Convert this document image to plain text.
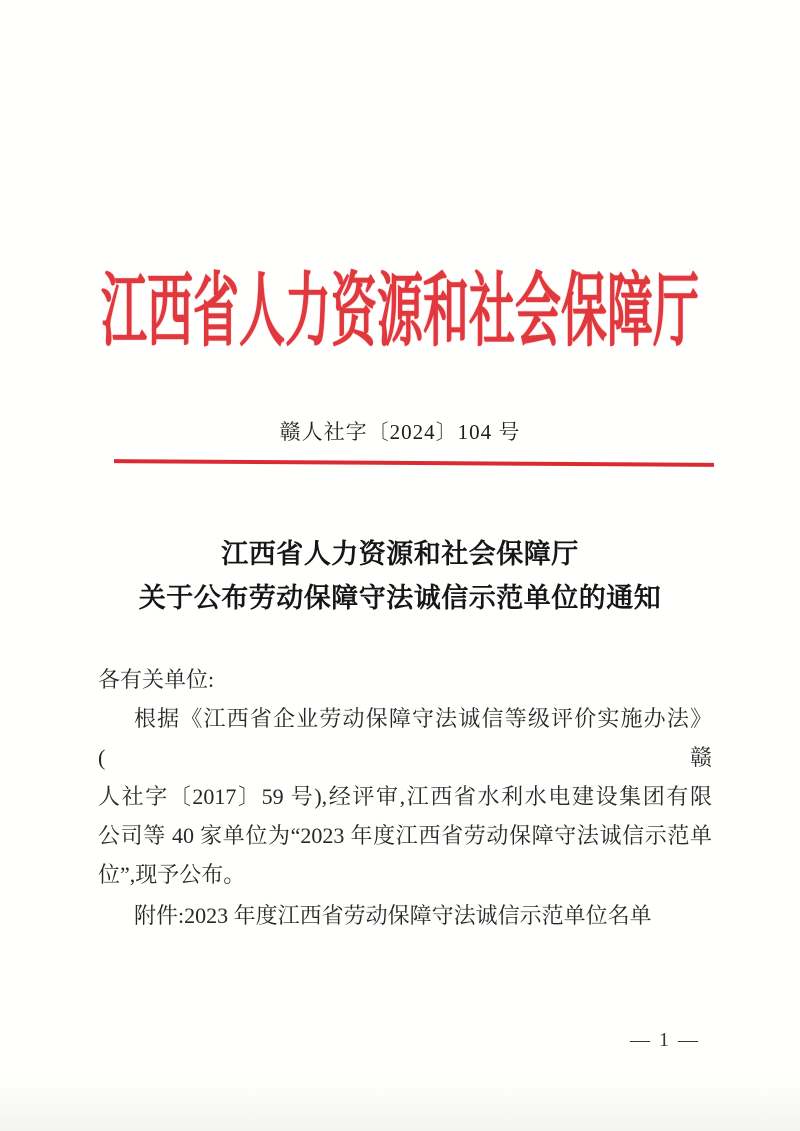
江西省人力资源和社会保障厅
赣人社字〔2024〕104 号
江西省人力资源和社会保障厅
关于公布劳动保障守法诚信示范单位的通知
各有关单位:
根据《江西省企业劳动保障守法诚信等级评价实施办法》(赣
人社字〔2017〕59 号),经评审,江西省水利水电建设集团有限
公司等 40 家单位为“2023 年度江西省劳动保障守法诚信示范单
位”,现予公布。
附件:2023 年度江西省劳动保障守法诚信示范单位名单
— 1 —
